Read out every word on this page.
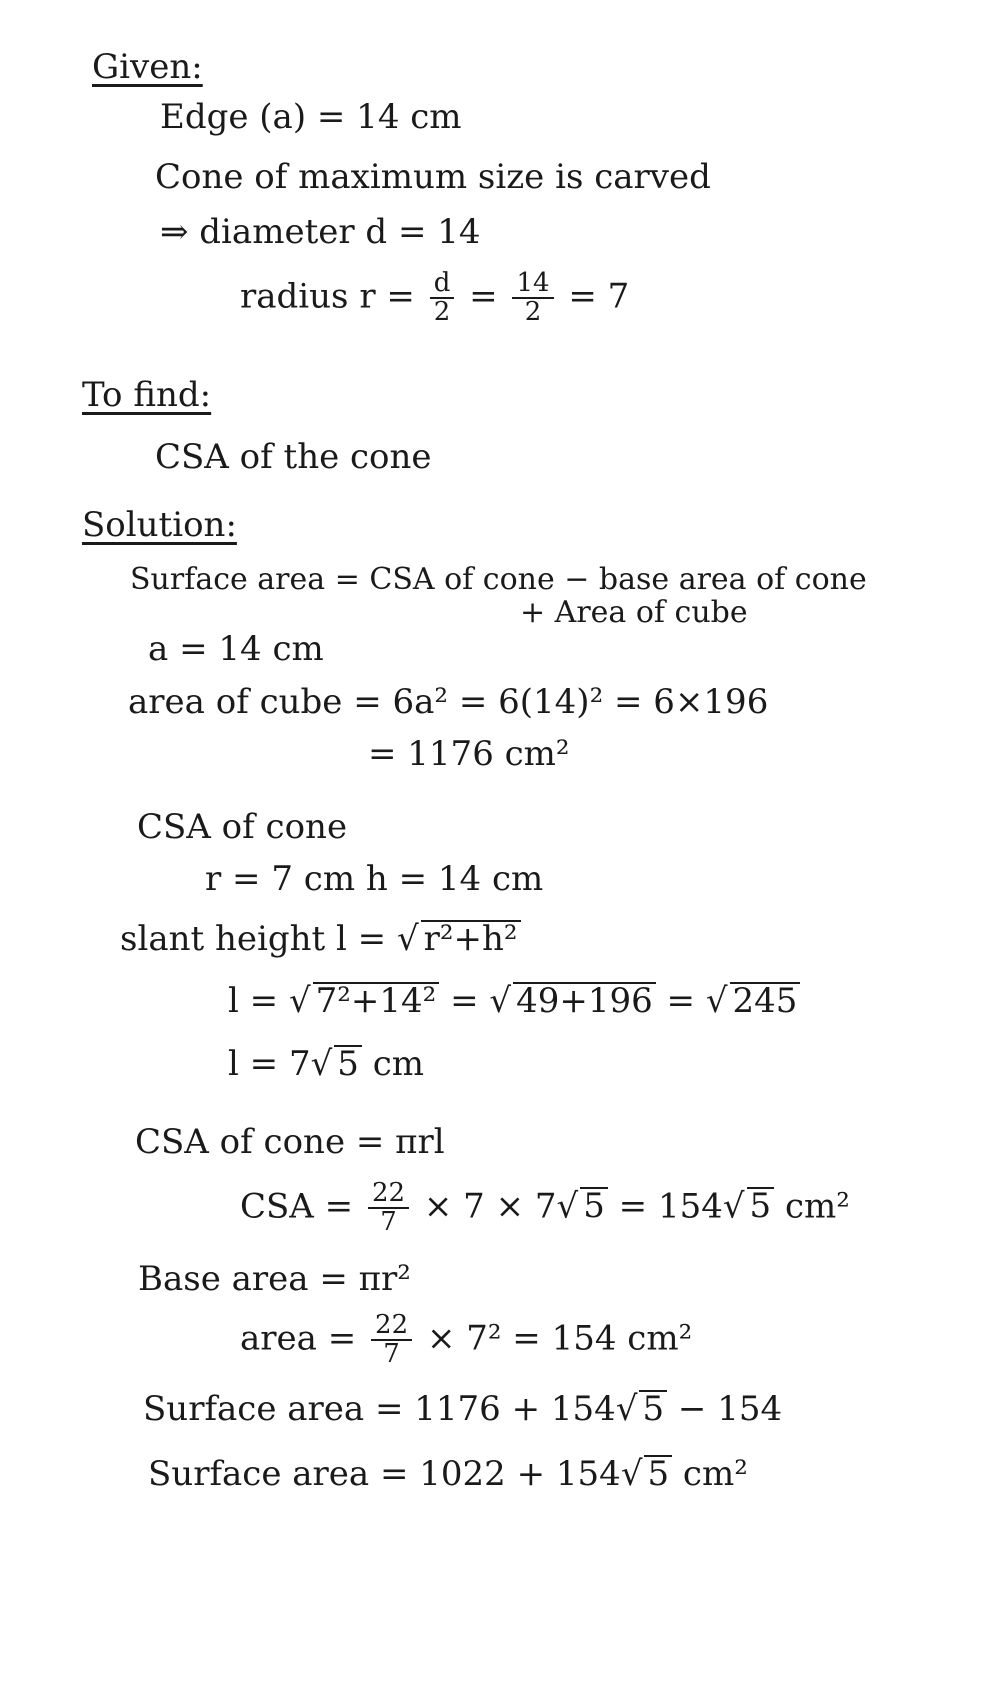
Given:
Edge (a) = 14 cm
Cone of maximum size is carved
⇒ diameter d = 14
radius $r = \frac{d}{2} = \frac{14}{2} = 7$
To find:
CSA of the cone
Solution:
Surface area = CSA of cone − base area of cone
+ Area of cube
a = 14 cm
area of cube = 6a² = 6(14)² = 6×196
= 1176 cm²
CSA of cone
r = 7 cm h = 14 cm
slant height l = √ r²+h²
l = √ 7²+14² = √ 49+196 = √ 245
l = 7√ 5 cm
CSA of cone = πrl
CSA = $\frac{22}{7} \times 7 \times 7√$ 5 = 154√ 5 cm²
Base area = πr²
area = $\frac{22}{7} \times 7^2 = 154$ cm²
Surface area = 1176 + 154√ 5 − 154
Surface area = 1022 + 154√ 5 cm²
